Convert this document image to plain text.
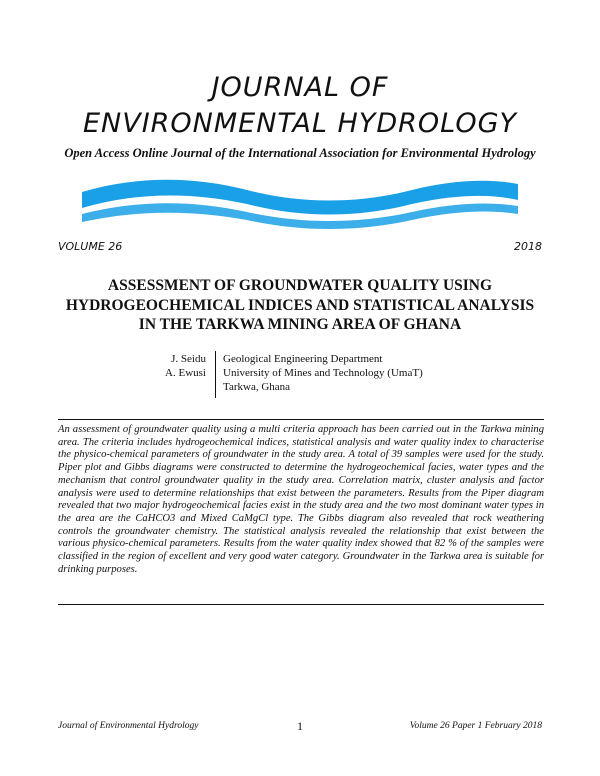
JOURNAL OF
ENVIRONMENTAL HYDROLOGY
Open Access Online Journal of the International Association for Environmental Hydrology
VOLUME 26	2018
ASSESSMENT OF GROUNDWATER QUALITY USING
HYDROGEOCHEMICAL INDICES AND STATISTICAL ANALYSIS
IN THE TARKWA MINING AREA OF GHANA
J. Seidu
A. Ewusi
Geological Engineering Department
University of Mines and Technology (UmaT)
Tarkwa, Ghana
An assessment of groundwater quality using a multi criteria approach has been carried out in the Tarkwa mining area. The criteria includes hydrogeochemical indices, statistical analysis and water quality index to characterise the physico-chemical parameters of groundwater in the study area. A total of 39 samples were used for the study. Piper plot and Gibbs diagrams were constructed to determine the hydrogeochemical facies, water types and the mechanism that control groundwater quality in the study area. Correlation matrix, cluster analysis and factor analysis were used to determine relationships that exist between the parameters. Results from the Piper diagram revealed that two major hydrogeochemical facies exist in the study area and the two most dominant water types in the area are the CaHCO3 and Mixed CaMgCl type. The Gibbs diagram also revealed that rock weathering controls the groundwater chemistry. The statistical analysis revealed the relationship that exist between the various physico-chemical parameters. Results from the water quality index showed that 82 % of the samples were classified in the region of excellent and very good water category. Groundwater in the Tarkwa area is suitable for drinking purposes.
Journal of Environmental Hydrology	1	Volume 26 Paper 1 February 2018
